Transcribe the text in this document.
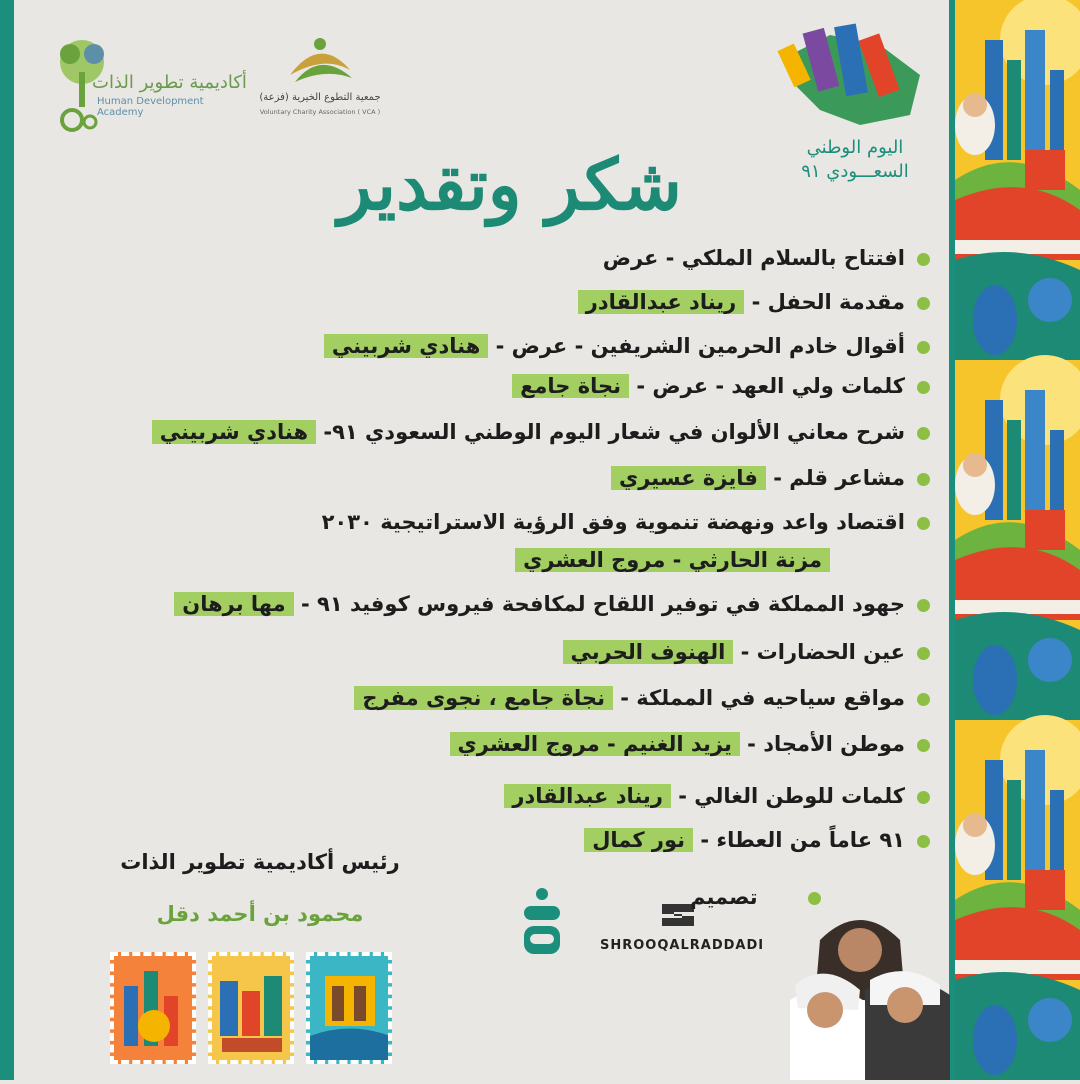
أكاديمية تطوير الذات
Human Development Academy
جمعية التطوع الخيرية (فزعة)
Voluntary Charity Association ( VCA )
اليوم الوطني
السعـــودي ٩١
شكر وتقدير
افتتاح بالسلام الملكي - عرض
مقدمة الحفل - ريناد عبدالقادر
أقوال خادم الحرمين الشريفين - عرض - هنادي شربيني
كلمات ولي العهد - عرض - نجاة جامع
شرح معاني الألوان في شعار اليوم الوطني السعودي ٩١- هنادي شربيني
مشاعر قلم - فايزة عسيري
اقتصاد واعد ونهضة تنموية وفق الرؤية الاستراتيجية ٢٠٣٠
مزنة الحارثي - مروج العشري
جهود المملكة في توفير اللقاح لمكافحة فيروس كوفيد ٩١ - مها برهان
عين الحضارات - الهنوف الحربي
مواقع سياحيه في المملكة - نجاة جامع ، نجوى مفرج
موطن الأمجاد - يزيد الغنيم - مروج العشري
كلمات للوطن الغالي - ريناد عبدالقادر
٩١ عاماً من العطاء - نور كمال
رئيس أكاديمية تطوير الذات
محمود بن أحمد دقل
تصميم
SHROOQALRADDADI
